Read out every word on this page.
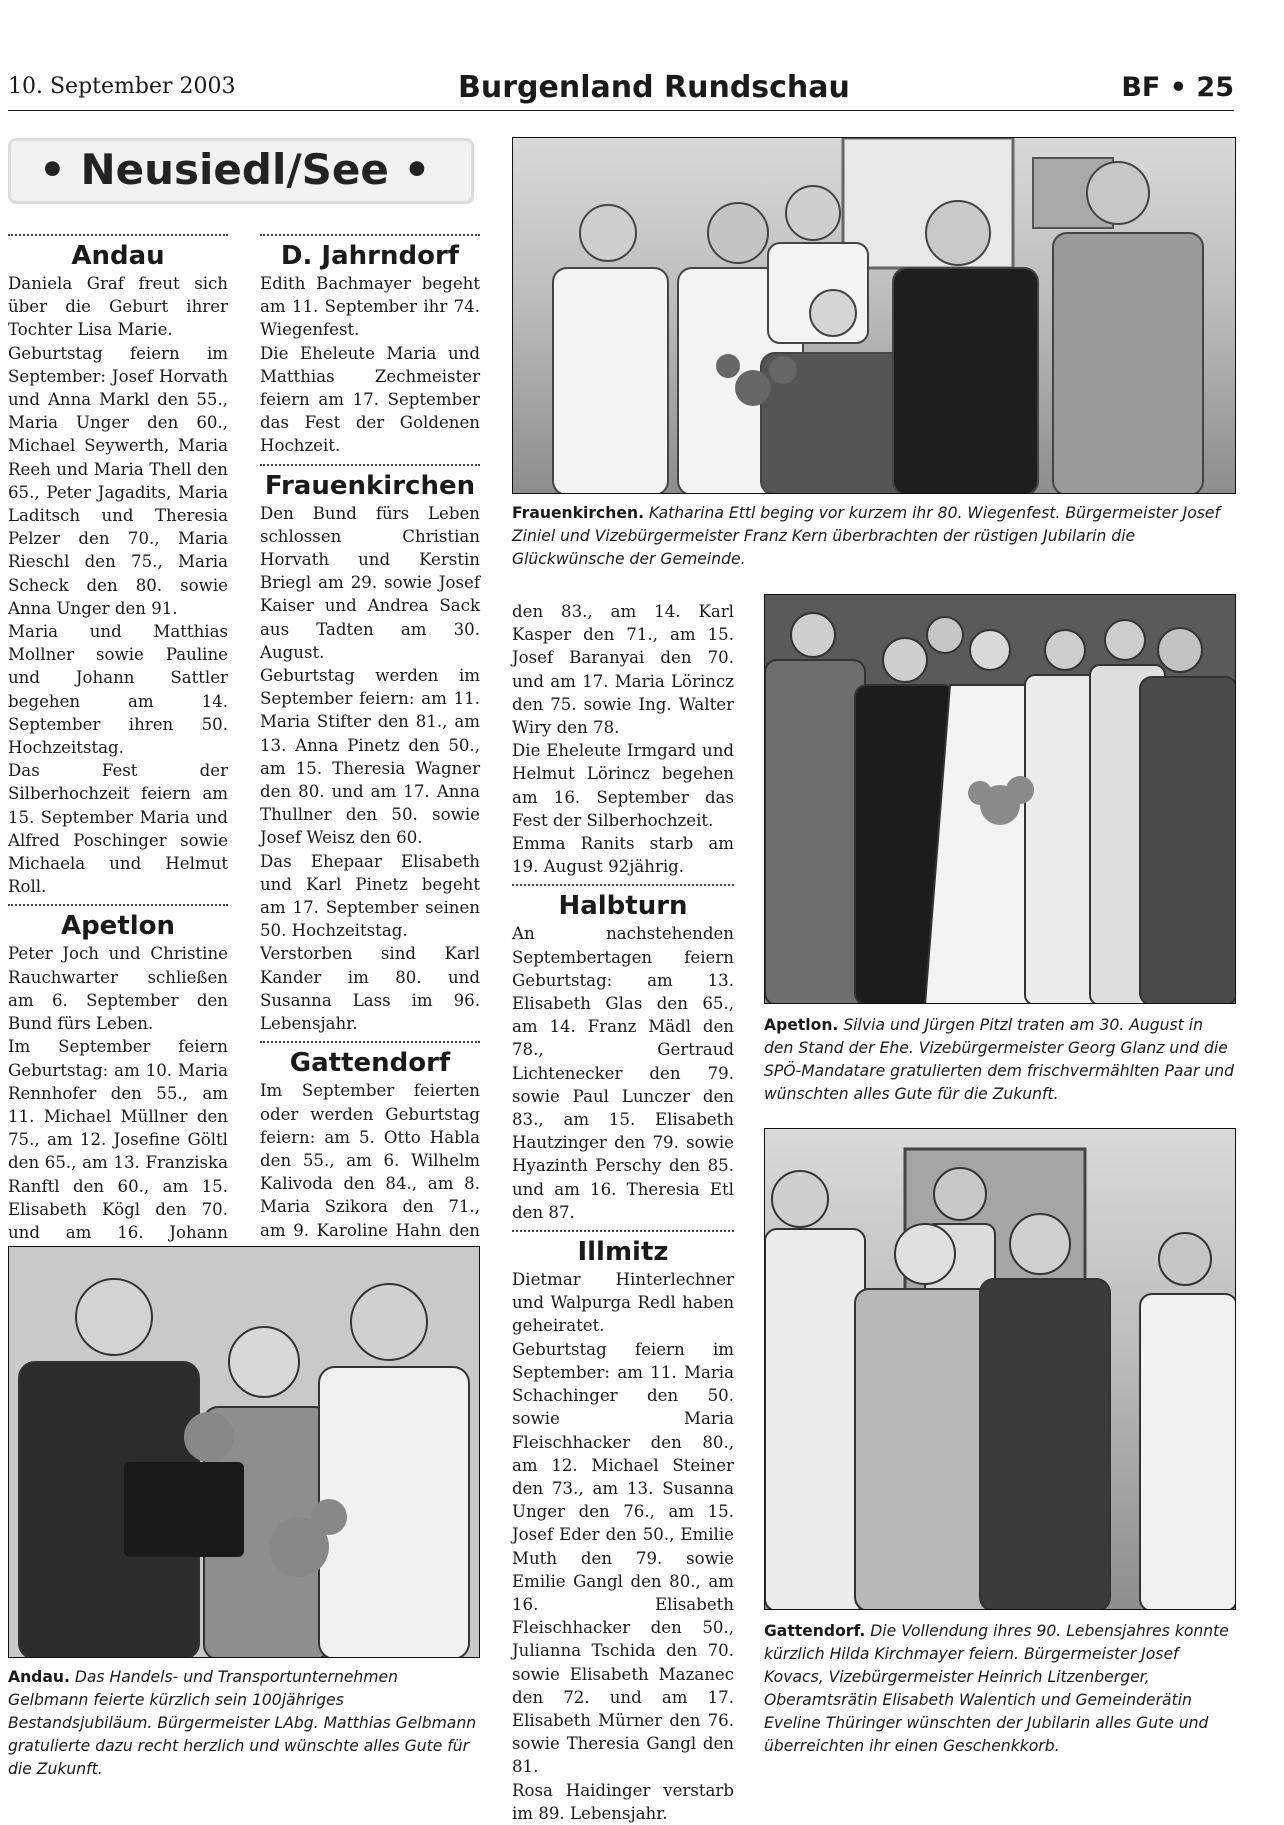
10. September 2003	Burgenland Rundschau	BF • 25
• Neusiedl/See •
Andau

Daniela Graf freut sich über die Geburt ihrer Tochter Lisa Marie.

Geburtstag feiern im September: Josef Horvath und Anna Markl den 55., Maria Unger den 60., Michael Seywerth, Maria Reeh und Maria Thell den 65., Peter Jagadits, Maria Laditsch und Theresia Pelzer den 70., Maria Rieschl den 75., Maria Scheck den 80. sowie Anna Unger den 91.

Maria und Matthias Mollner sowie Pauline und Johann Sattler begehen am 14. September ihren 50. Hochzeitstag.

Das Fest der Silberhochzeit feiern am 15. September Maria und Alfred Poschinger sowie Michaela und Helmut Roll.

Apetlon

Peter Joch und Christine Rauchwarter schließen am 6. September den Bund fürs Leben.

Im September feiern Geburtstag: am 10. Maria Rennhofer den 55., am 11. Michael Müllner den 75., am 12. Josefine Göltl den 65., am 13. Franziska Ranftl den 60., am 15. Elisabeth Kögl den 70. und am 16. Johann

D. Jahrndorf

Edith Bachmayer begeht am 11. September ihr 74. Wiegenfest.

Die Eheleute Maria und Matthias Zechmeister feiern am 17. September das Fest der Goldenen Hochzeit.

Frauenkirchen

Den Bund fürs Leben schlossen Christian Horvath und Kerstin Briegl am 29. sowie Josef Kaiser und Andrea Sack aus Tadten am 30. August.

Geburtstag werden im September feiern: am 11. Maria Stifter den 81., am 13. Anna Pinetz den 50., am 15. Theresia Wagner den 80. und am 17. Anna Thullner den 50. sowie Josef Weisz den 60.

Das Ehepaar Elisabeth und Karl Pinetz begeht am 17. September seinen 50. Hochzeitstag.

Verstorben sind Karl Kander im 80. und Susanna Lass im 96. Lebensjahr.

Gattendorf

Im September feierten oder werden Geburtstag feiern: am 5. Otto Habla den 55., am 6. Wilhelm Kalivoda den 84., am 8. Maria Szikora den 71., am 9. Karoline Hahn den

den 83., am 14. Karl Kasper den 71., am 15. Josef Baranyai den 70. und am 17. Maria Lörincz den 75. sowie Ing. Walter Wiry den 78.

Die Eheleute Irmgard und Helmut Lörincz begehen am 16. September das Fest der Silberhochzeit.

Emma Ranits starb am 19. August 92jährig.

Halbturn

An nachstehenden Septembertagen feiern Geburtstag: am 13. Elisabeth Glas den 65., am 14. Franz Mädl den 78., Gertraud Lichtenecker den 79. sowie Paul Lunczer den 83., am 15. Elisabeth Hautzinger den 79. sowie Hyazinth Perschy den 85. und am 16. Theresia Etl den 87.

Illmitz

Dietmar Hinterlechner und Walpurga Redl haben geheiratet.

Geburtstag feiern im September: am 11. Maria Schachinger den 50. sowie Maria Fleischhacker den 80., am 12. Michael Steiner den 73., am 13. Susanna Unger den 76., am 15. Josef Eder den 50., Emilie Muth den 79. sowie Emilie Gangl den 80., am 16. Elisabeth Fleischhacker den 50., Julianna Tschida den 70. sowie Elisabeth Mazanec den 72. und am 17. Elisabeth Mürner den 76. sowie Theresia Gangl den 81.

Rosa Haidinger verstarb im 89. Lebensjahr.

Frauenkirchen. Katharina Ettl beging vor kurzem ihr 80. Wiegenfest. Bürgermeister Josef Ziniel und Vizebürgermeister Franz Kern überbrachten der rüstigen Jubilarin die Glückwünsche der Gemeinde.
Apetlon. Silvia und Jürgen Pitzl traten am 30. August in den Stand der Ehe. Vizebürgermeister Georg Glanz und die SPÖ-Mandatare gratulierten dem frischvermählten Paar und wünschten alles Gute für die Zukunft.
Gattendorf. Die Vollendung ihres 90. Lebensjahres konnte kürzlich Hilda Kirchmayer feiern. Bürgermeister Josef Kovacs, Vizebürgermeister Heinrich Litzenberger, Oberamtsrätin Elisabeth Walentich und Gemeinderätin Eveline Thüringer wünschten der Jubilarin alles Gute und überreichten ihr einen Geschenkkorb.
Andau. Das Handels- und Transportunternehmen Gelbmann feierte kürzlich sein 100jähriges Bestandsjubiläum. Bürgermeister LAbg. Matthias Gelbmann gratulierte dazu recht herzlich und wünschte alles Gute für die Zukunft.
